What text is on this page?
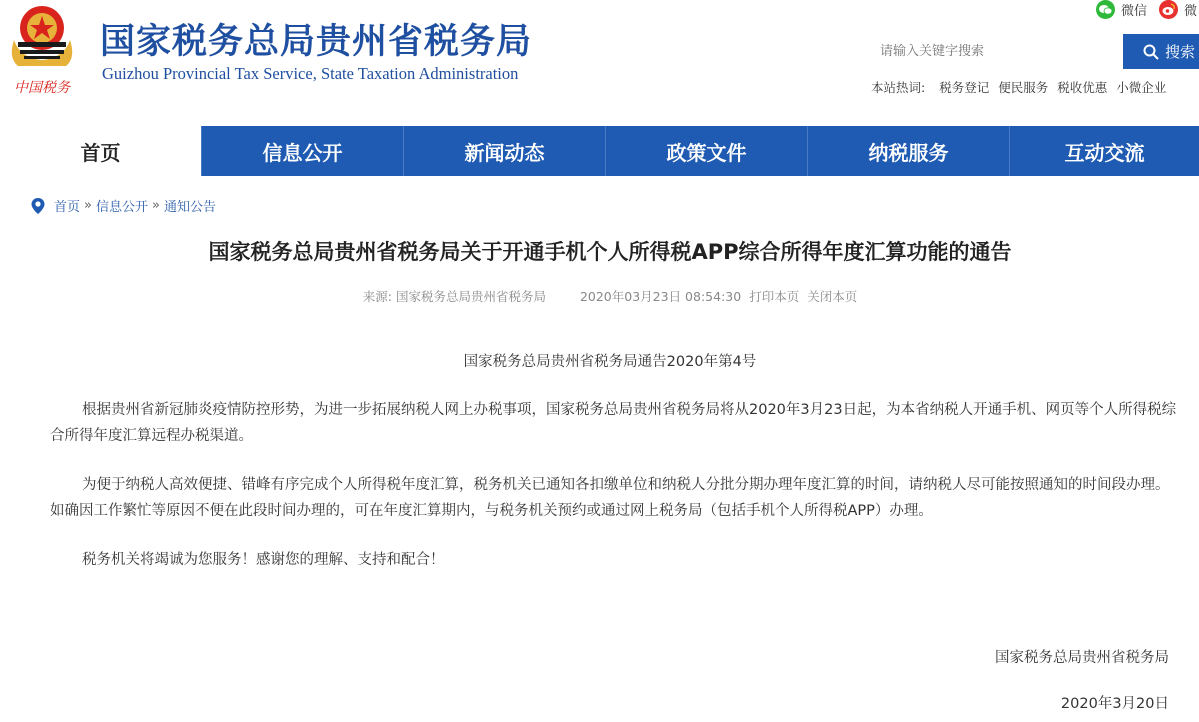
中国税务
国家税务总局贵州省税务局
Guizhou Provincial Tax Service, State Taxation Administration
微信	微
请输入关键字搜索
搜索
本站热词: 税务登记 便民服务 税收优惠 小微企业
首页	信息公开	新闻动态	政策文件	纳税服务	互动交流
首页 » 信息公开 » 通知公告
国家税务总局贵州省税务局关于开通手机个人所得税APP综合所得年度汇算功能的通告
来源: 国家税务总局贵州省税务局	2020年03月23日 08:54:30 打印本页 关闭本页
国家税务总局贵州省税务局通告2020年第4号

根据贵州省新冠肺炎疫情防控形势，为进一步拓展纳税人网上办税事项，国家税务总局贵州省税务局将从2020年3月23日起，为本省纳税人开通手机、网页等个人所得税综合所得年度汇算远程办税渠道。

为便于纳税人高效便捷、错峰有序完成个人所得税年度汇算，税务机关已通知各扣缴单位和纳税人分批分期办理年度汇算的时间，请纳税人尽可能按照通知的时间段办理。如确因工作繁忙等原因不便在此段时间办理的，可在年度汇算期内，与税务机关预约或通过网上税务局（包括手机个人所得税APP）办理。

税务机关将竭诚为您服务！感谢您的理解、支持和配合！

国家税务总局贵州省税务局
2020年3月20日
